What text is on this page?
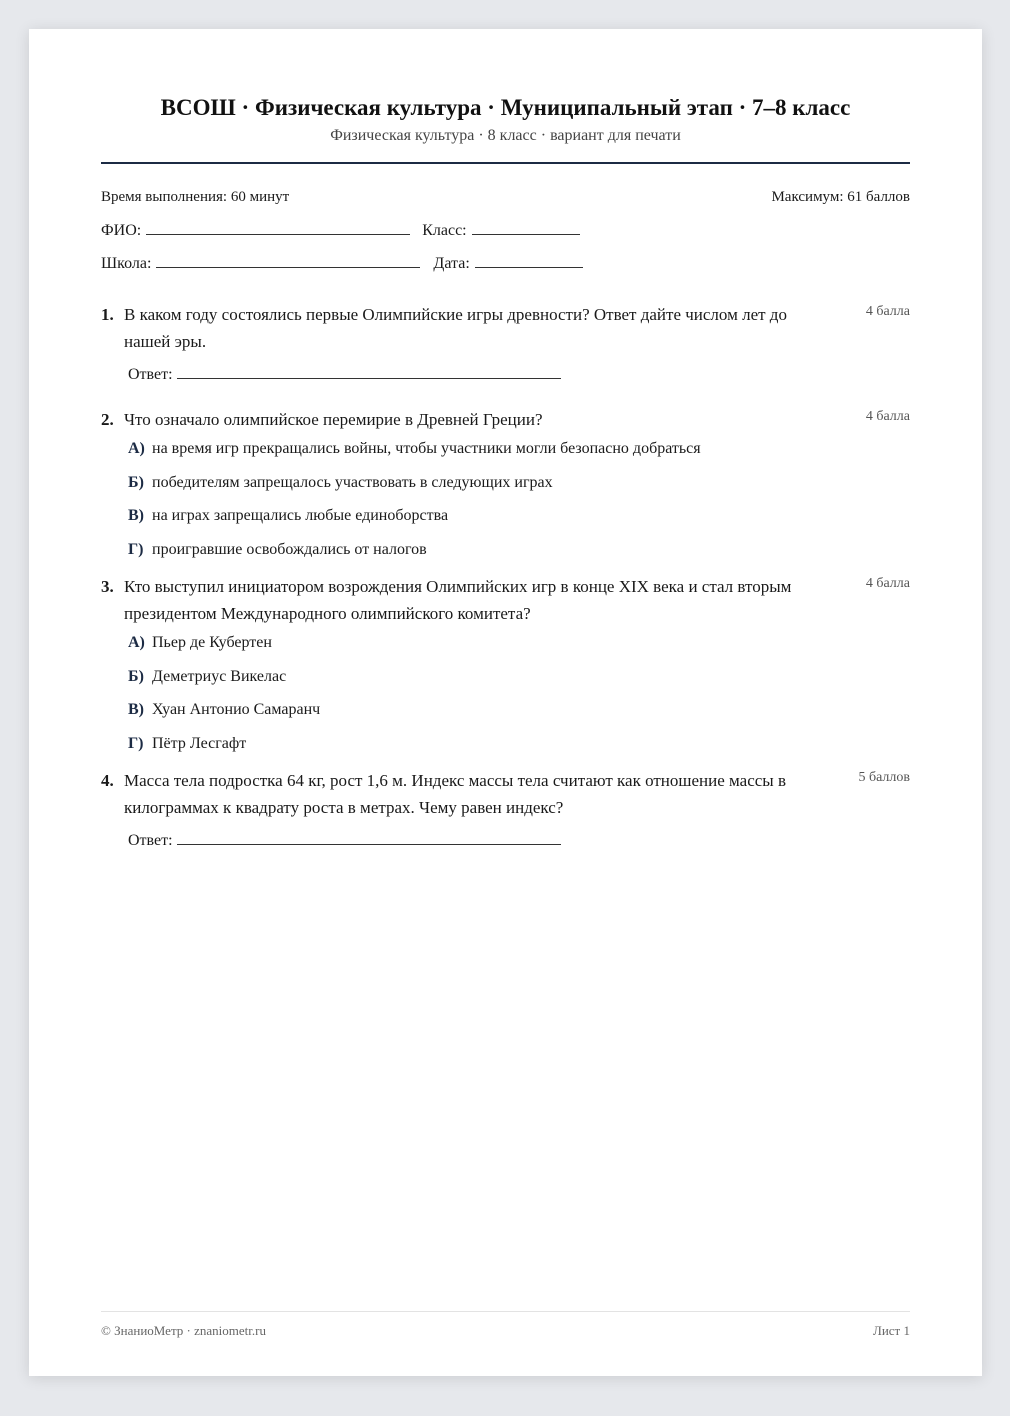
ВСОШ · Физическая культура · Муниципальный этап · 7–8 класс
Физическая культура · 8 класс · вариант для печати
Время выполнения: 60 минут	Максимум: 61 баллов
ФИО:	Класс:
Школа:	Дата:
1. В каком году состоялись первые Олимпийские игры древности? Ответ дайте числом лет до нашей эры.
4 балла
Ответ:
2. Что означало олимпийское перемирие в Древней Греции?	4 балла
А) на время игр прекращались войны, чтобы участники могли безопасно добраться
Б) победителям запрещалось участвовать в следующих играх
В) на играх запрещались любые единоборства
Г) проигравшие освобождались от налогов
3. Кто выступил инициатором возрождения Олимпийских игр в конце XIX века и стал вторым президентом Международного олимпийского комитета?
4 балла
А) Пьер де Кубертен
Б) Деметриус Викелас
В) Хуан Антонио Самаранч
Г) Пётр Лесгафт
4. Масса тела подростка 64 кг, рост 1,6 м. Индекс массы тела считают как отношение массы в килограммах к квадрату роста в метрах. Чему равен индекс?
5 баллов
Ответ:
© ЗнаниоМетр · znaniometr.ru	Лист 1
